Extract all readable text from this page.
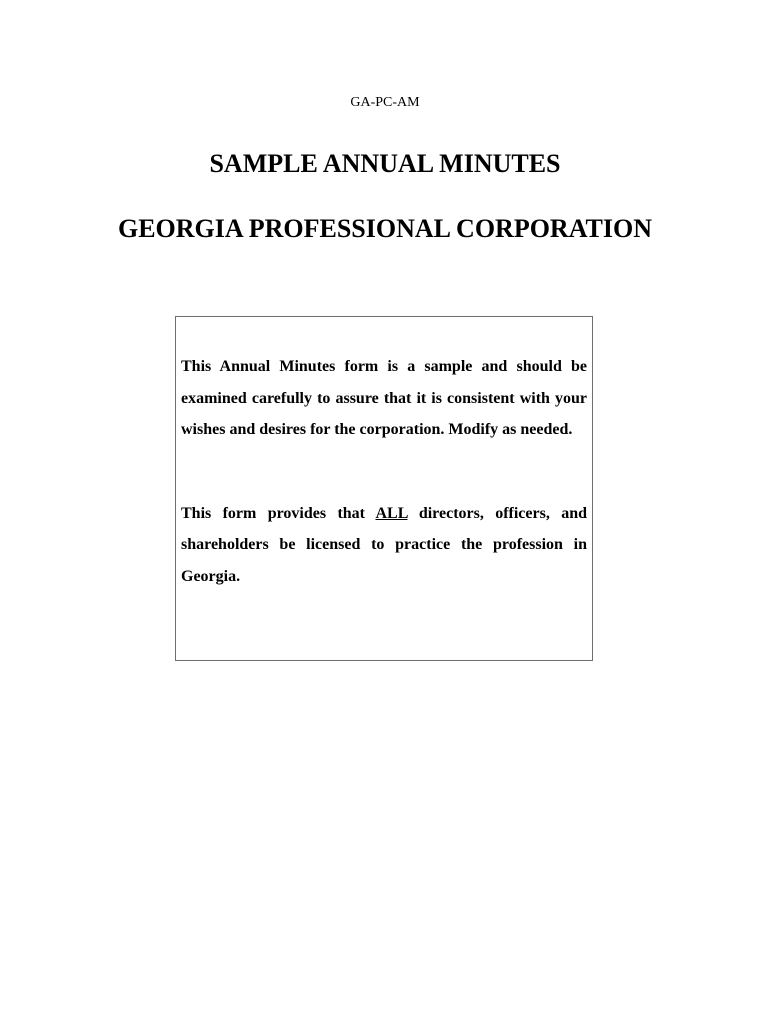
GA-PC-AM
SAMPLE ANNUAL MINUTES
GEORGIA PROFESSIONAL CORPORATION

This Annual Minutes form is a sample and should be examined carefully to assure that it is consistent with your wishes and desires for the corporation. Modify as needed.

This form provides that ALL directors, officers, and shareholders be licensed to practice the profession in Georgia.
